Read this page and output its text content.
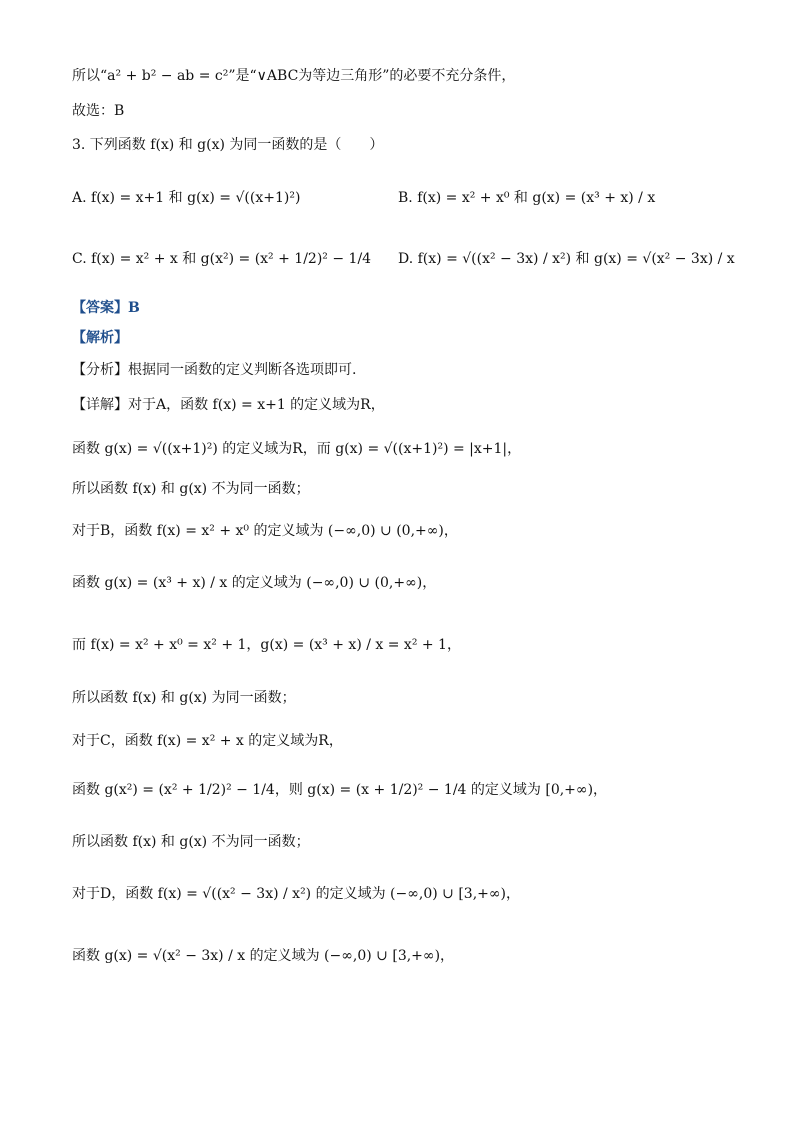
所以“a² + b² − ab = c²”是“∨ABC为等边三角形”的必要不充分条件，
故选：B
3. 下列函数 f(x) 和 g(x) 为同一函数的是（　　）
A. f(x) = x+1 和 g(x) = √((x+1)²)	B. f(x) = x² + x⁰ 和 g(x) = (x³ + x) / x
C. f(x) = x² + x 和 g(x²) = (x² + 1/2)² − 1/4 D. f(x) = √((x² − 3x) / x²) 和 g(x) = √(x² − 3x) / x
【答案】B
【解析】
【分析】根据同一函数的定义判断各选项即可.
【详解】对于A，函数 f(x) = x+1 的定义域为R，
函数 g(x) = √((x+1)²) 的定义域为R，而 g(x) = √((x+1)²) = |x+1|，
所以函数 f(x) 和 g(x) 不为同一函数；
对于B，函数 f(x) = x² + x⁰ 的定义域为 (−∞,0) ∪ (0,+∞)，
函数 g(x) = (x³ + x) / x 的定义域为 (−∞,0) ∪ (0,+∞)，
而 f(x) = x² + x⁰ = x² + 1，g(x) = (x³ + x) / x = x² + 1，
所以函数 f(x) 和 g(x) 为同一函数；
对于C，函数 f(x) = x² + x 的定义域为R，
函数 g(x²) = (x² + 1/2)² − 1/4，则 g(x) = (x + 1/2)² − 1/4 的定义域为 [0,+∞)，
所以函数 f(x) 和 g(x) 不为同一函数；
对于D，函数 f(x) = √((x² − 3x) / x²) 的定义域为 (−∞,0) ∪ [3,+∞)，
函数 g(x) = √(x² − 3x) / x 的定义域为 (−∞,0) ∪ [3,+∞)，
